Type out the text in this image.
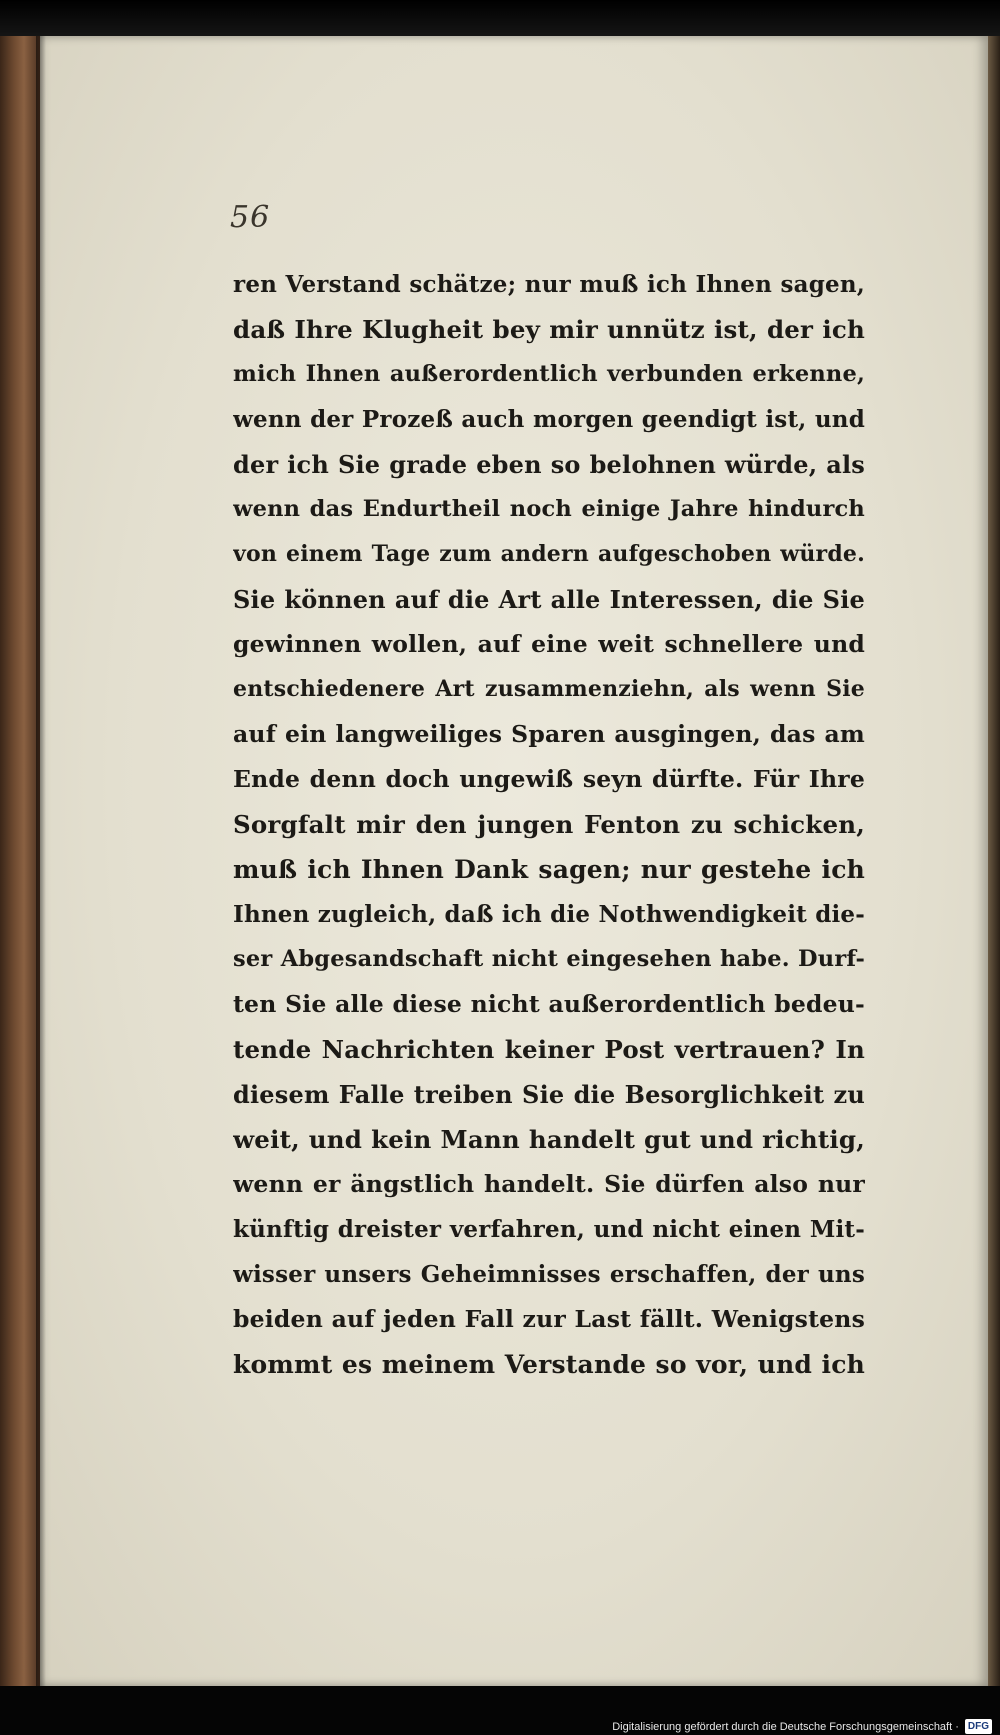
56
ren Verstand schätze; nur muß ich Ihnen sagen,
daß Ihre Klugheit bey mir unnütz ist, der ich
mich Ihnen außerordentlich verbunden erkenne,
wenn der Prozeß auch morgen geendigt ist, und
der ich Sie grade eben so belohnen würde, als
wenn das Endurtheil noch einige Jahre hindurch
von einem Tage zum andern aufgeschoben würde.
Sie können auf die Art alle Interessen, die Sie
gewinnen wollen, auf eine weit schnellere und
entschiedenere Art zusammenziehn, als wenn Sie
auf ein langweiliges Sparen ausgingen, das am
Ende denn doch ungewiß seyn dürfte. Für Ihre
Sorgfalt mir den jungen Fenton zu schicken,
muß ich Ihnen Dank sagen; nur gestehe ich
Ihnen zugleich, daß ich die Nothwendigkeit die-
ser Abgesandschaft nicht eingesehen habe. Durf-
ten Sie alle diese nicht außerordentlich bedeu-
tende Nachrichten keiner Post vertrauen? In
diesem Falle treiben Sie die Besorglichkeit zu
weit, und kein Mann handelt gut und richtig,
wenn er ängstlich handelt. Sie dürfen also nur
künftig dreister verfahren, und nicht einen Mit-
wisser unsers Geheimnisses erschaffen, der uns
beiden auf jeden Fall zur Last fällt. Wenigstens
kommt es meinem Verstande so vor, und ich
Digitalisierung gefördert durch die Deutsche Forschungsgemeinschaft · DFG
